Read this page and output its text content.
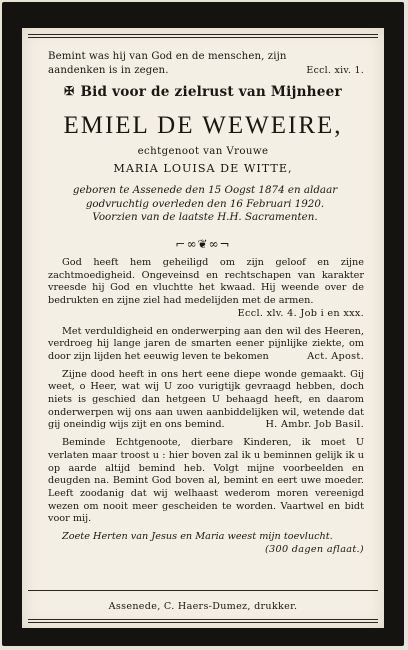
Bemint was hij van God en de menschen, zijn
aandenken is in zegen.	Eccl. xiv. 1.
✠ Bid voor de zielrust van Mijnheer
EMIEL DE WEWEIRE,
echtgenoot van Vrouwe
MARIA LOUISA DE WITTE,
geboren te Assenede den 15 Oogst 1874 en aldaar
godvruchtig overleden den 16 Februari 1920.
Voorzien van de laatste H.H. Sacramenten.
⌐∞❦∞¬

God heeft hem geheiligd om zijn geloof en zijne zachtmoedigheid. Ongeveinsd en rechtschapen van karakter vreesde hij God en vluchtte het kwaad. Hij weende over de bedrukten en zijne ziel had medelijden met de armen.
Eccl. xlv. 4. Job i en xxx.

Met verduldigheid en onderwerping aan den wil des Heeren, verdroeg hij lange jaren de smarten eener pijnlijke ziekte, om door zijn lijden het eeuwig leven te bekomen	Act. Apost.

Zijne dood heeft in ons hert eene diepe wonde gemaakt. Gij weet, o Heer, wat wij U zoo vurigtijk gevraagd hebben, doch niets is geschied dan hetgeen U behaagd heeft, en daarom onderwerpen wij ons aan uwen aanbiddelijken wil, wetende dat gij oneindig wijs zijt en ons bemind.	H. Ambr. Job Basil.

Beminde Echtgenoote, dierbare Kinderen, ik moet U verlaten maar troost u : hier boven zal ik u beminnen gelijk ik u op aarde altijd bemind heb. Volgt mijne voorbeelden en deugden na. Bemint God boven al, bemint en eert uwe moeder. Leeft zoodanig dat wij welhaast wederom moren vereenigd wezen om nooit meer gescheiden te worden. Vaartwel en bidt voor mij.

Zoete Herten van Jesus en Maria weest mijn toevlucht.
(300 dagen aflaat.)

Assenede, C. Haers-Dumez, drukker.
